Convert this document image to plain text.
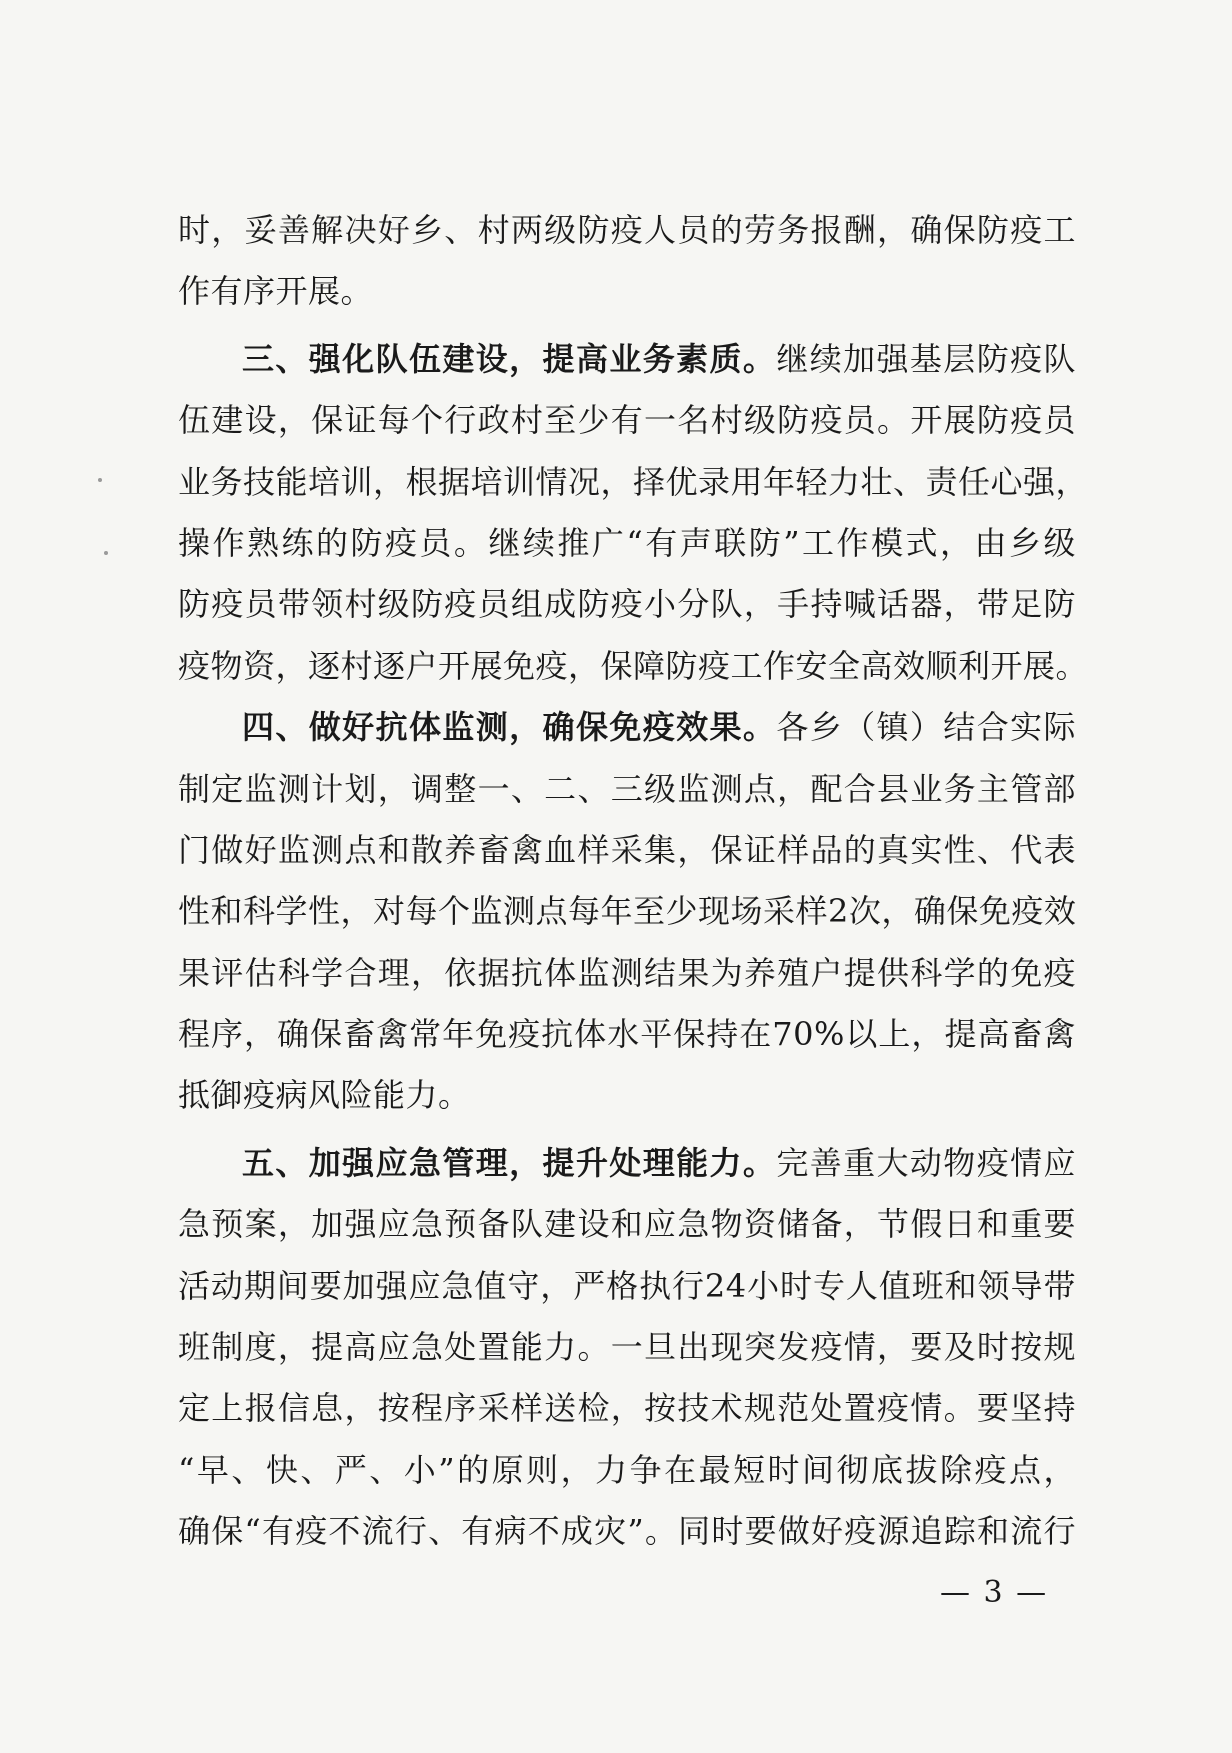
时，妥善解决好乡、村两级防疫人员的劳务报酬，确保防疫工
作有序开展。
三、强化队伍建设，提高业务素质。继续加强基层防疫队
伍建设，保证每个行政村至少有一名村级防疫员。开展防疫员
业务技能培训，根据培训情况，择优录用年轻力壮、责任心强，
操作熟练的防疫员。继续推广“有声联防”工作模式，由乡级
防疫员带领村级防疫员组成防疫小分队，手持喊话器，带足防
疫物资，逐村逐户开展免疫，保障防疫工作安全高效顺利开展。
四、做好抗体监测，确保免疫效果。各乡（镇）结合实际
制定监测计划，调整一、二、三级监测点，配合县业务主管部
门做好监测点和散养畜禽血样采集，保证样品的真实性、代表
性和科学性，对每个监测点每年至少现场采样2次，确保免疫效
果评估科学合理，依据抗体监测结果为养殖户提供科学的免疫
程序，确保畜禽常年免疫抗体水平保持在70%以上，提高畜禽
抵御疫病风险能力。
五、加强应急管理，提升处理能力。完善重大动物疫情应
急预案，加强应急预备队建设和应急物资储备，节假日和重要
活动期间要加强应急值守，严格执行24小时专人值班和领导带
班制度，提高应急处置能力。一旦出现突发疫情，要及时按规
定上报信息，按程序采样送检，按技术规范处置疫情。要坚持
“早、快、严、小”的原则，力争在最短时间彻底拔除疫点，
确保“有疫不流行、有病不成灾”。同时要做好疫源追踪和流行
— 3 —
